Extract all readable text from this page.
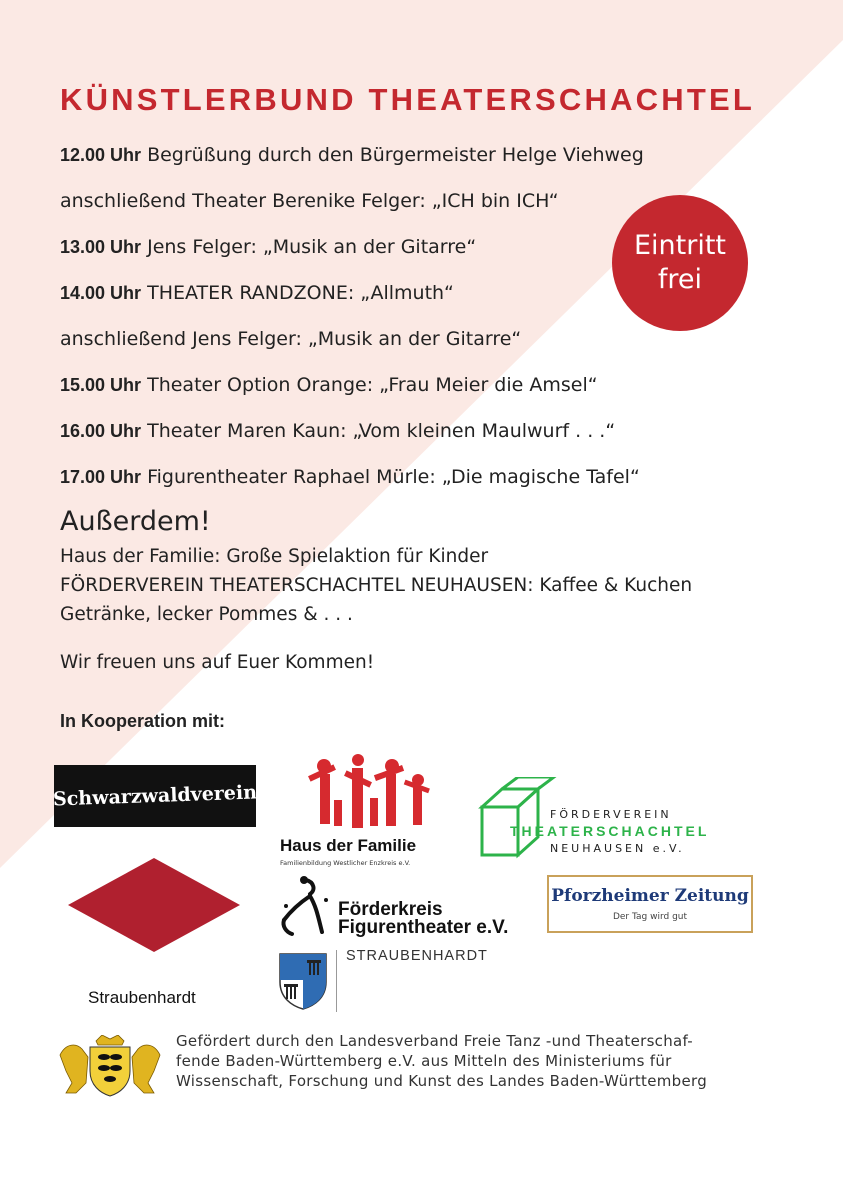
KÜNSTLERBUND THEATERSCHACHTEL
12.00 Uhr Begrüßung durch den Bürgermeister Helge Viehweg
anschließend Theater Berenike Felger: „ICH bin ICH“
13.00 Uhr Jens Felger: „Musik an der Gitarre“
14.00 Uhr THEATER RANDZONE: „Allmuth“
anschließend Jens Felger: „Musik an der Gitarre“
15.00 Uhr Theater Option Orange: „Frau Meier die Amsel“
16.00 Uhr Theater Maren Kaun: „Vom kleinen Maulwurf . . .“
17.00 Uhr Figurentheater Raphael Mürle: „Die magische Tafel“
Eintritt
frei
Außerdem!
Haus der Familie: Große Spielaktion für Kinder
FÖRDERVEREIN THEATERSCHACHTEL NEUHAUSEN: Kaffee & Kuchen
Getränke, lecker Pommes & . . .
Wir freuen uns auf Euer Kommen!
In Kooperation mit:
Schwarzwaldverein
Haus der Familie
Familienbildung Westlicher Enzkreis e.V.
FÖRDERVEREIN
THEATERSCHACHTEL
NEUHAUSEN e.V.
Straubenhardt
Förderkreis
Figurentheater e.V.
Pforzheimer Zeitung
Der Tag wird gut
STRAUBENHARDT
Gefördert durch den Landesverband Freie Tanz -und Theaterschaf-
fende Baden-Württemberg e.V. aus Mitteln des Ministeriums für
Wissenschaft, Forschung und Kunst des Landes Baden-Württemberg
